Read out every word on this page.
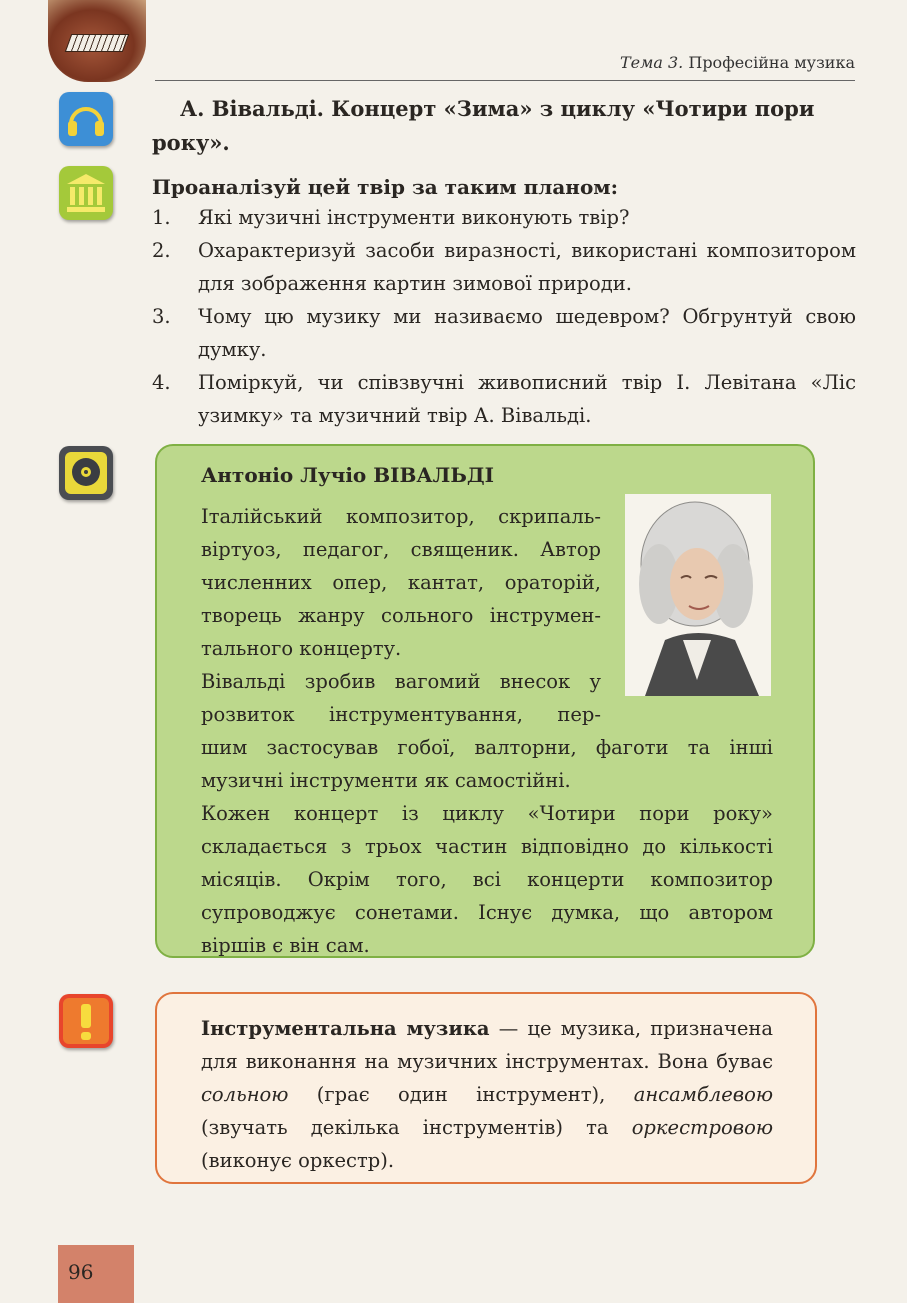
Тема 3. Професійна музика
А. Вівальді. Концерт «Зима» з циклу «Чотири пори року».
Проаналізуй цей твір за таким планом:
1.	Які музичні інструменти виконують твір?
2.	Охарактеризуй засоби виразності, використані композитором для зображення картин зимової природи.
3.	Чому цю музику ми називаємо шедевром? Обгрунтуй свою думку.
4.	Поміркуй, чи співзвучні живописний твір І. Левітана «Ліс узимку» та музичний твір А. Вівальді.
Антоніо Лучіо ВІВАЛЬДІ
Італійський композитор, скрипаль-
віртуоз, педагог, священик. Автор
численних опер, кантат, ораторій,
творець жанру сольного інструмен-
тального концерту.
Вівальді зробив вагомий внесок у
розвиток інструментування, пер-

шим застосував гобої, валторни, фаготи та інші музичні інструменти як самостійні.

Кожен концерт із циклу «Чотири пори року» складається з трьох частин відповідно до кількості місяців. Окрім того, всі концерти композитор супроводжує сонетами. Існує думка, що автором віршів є він сам.

Інструментальна музика — це музика, призначена для виконання на музичних інструментах. Вона буває сольною (грає один інструмент), ансамблевою (звучать декілька інструментів) та оркестровою (виконує оркестр).

96
